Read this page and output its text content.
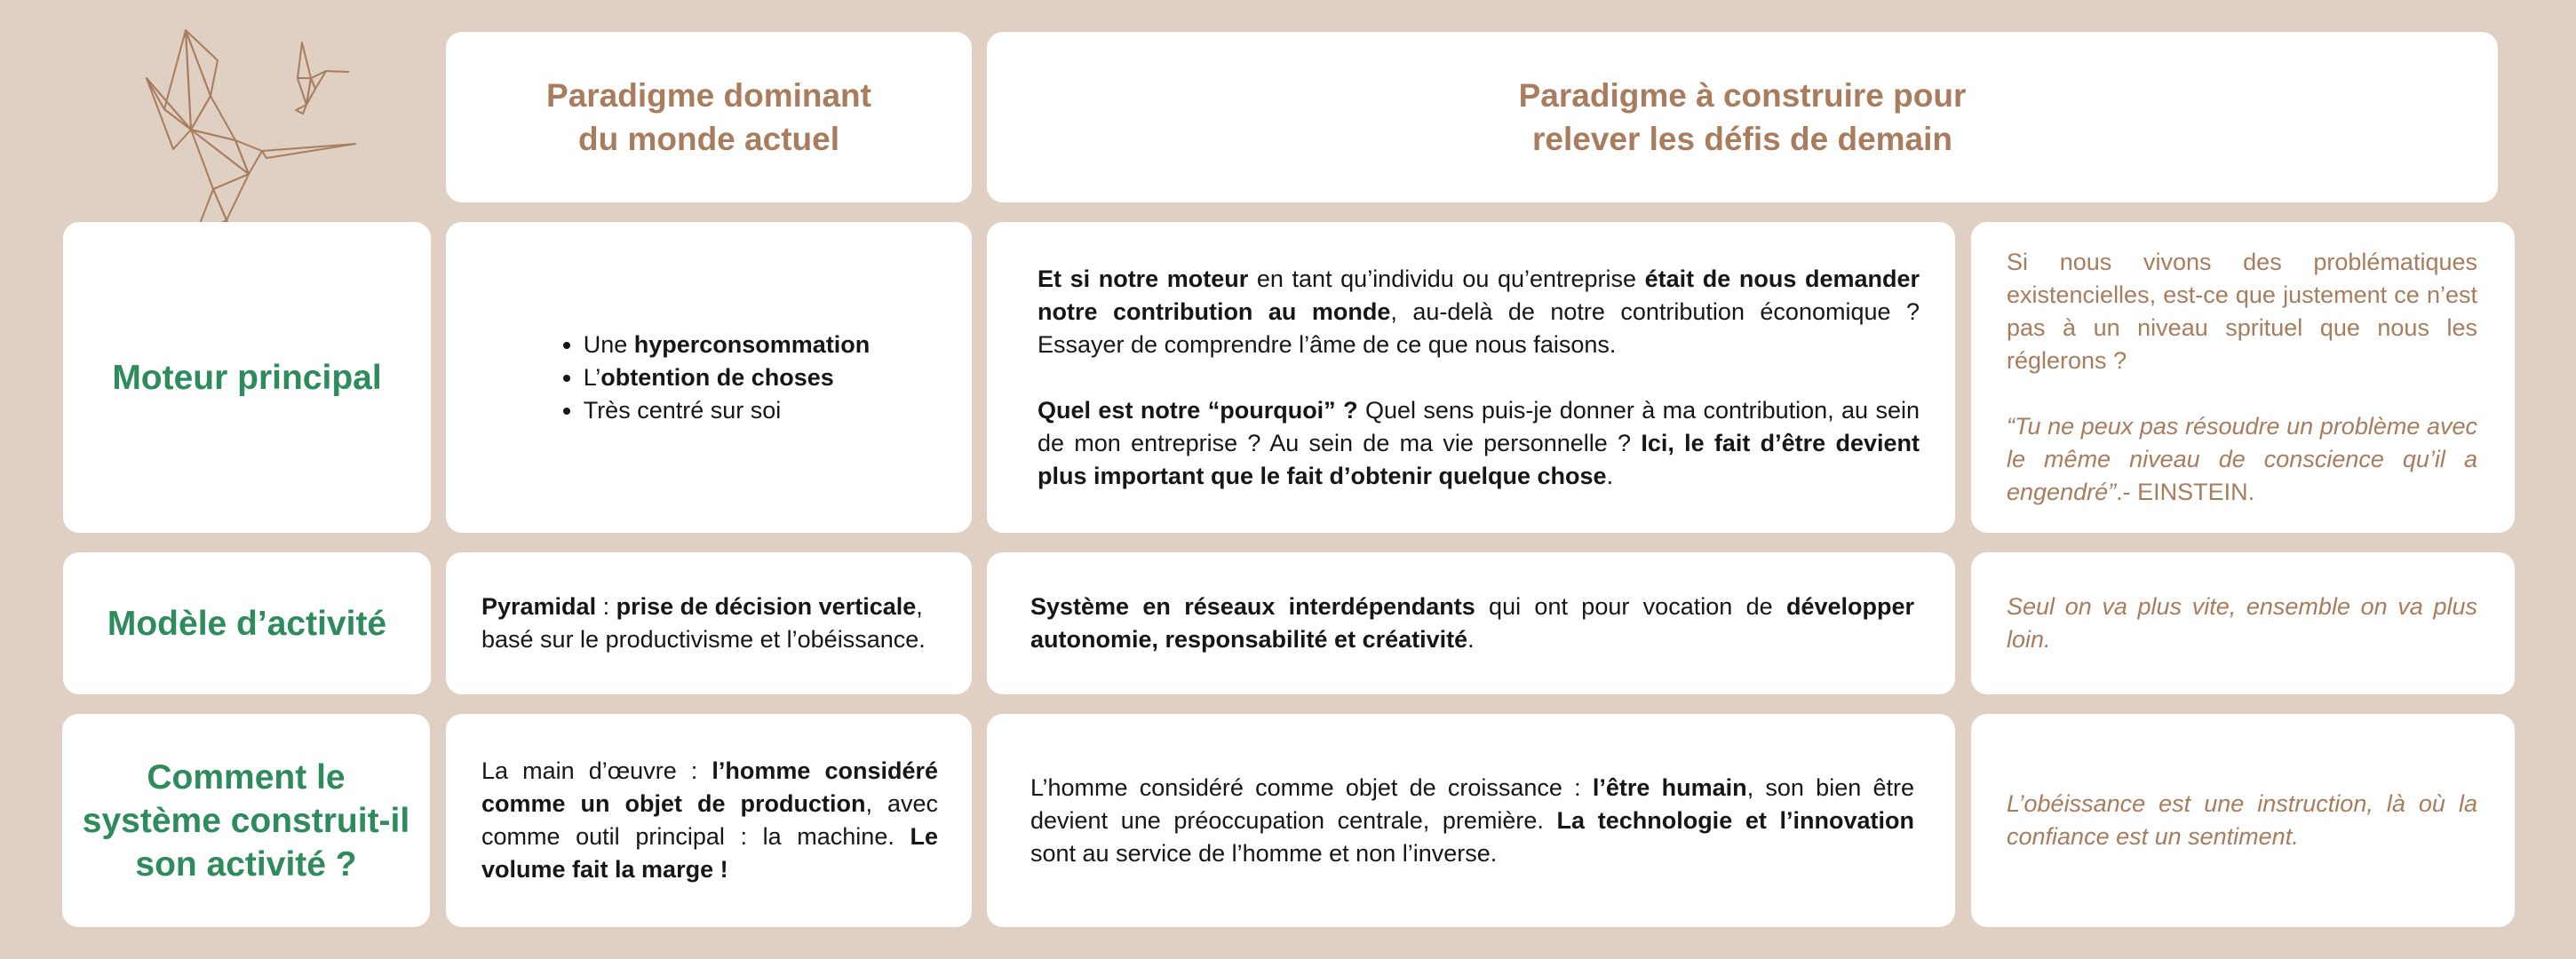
Paradigme dominant
du monde actuel
Paradigme à construire pour
relever les défis de demain
Moteur principal
• Une hyperconsommation
• L’obtention de choses
• Très centré sur soi
Et si notre moteur en tant qu’individu ou qu’entreprise était de nous demander notre contribution au monde, au-delà de notre contribution économique ? Essayer de comprendre l’âme de ce que nous faisons.
Quel est notre “pourquoi” ? Quel sens puis-je donner à ma contribution, au sein de mon entreprise ? Au sein de ma vie personnelle ? Ici, le fait d’être devient plus important que le fait d’obtenir quelque chose.
Si nous vivons des problématiques existencielles, est-ce que justement ce n’est pas à un niveau sprituel que nous les réglerons ?
“Tu ne peux pas résoudre un problème avec le même niveau de conscience qu’il a engendré”.- EINSTEIN.
Modèle d’activité	Pyramidal : prise de décision verticale, basé sur le productivisme et l’obéissance.
Système en réseaux interdépendants qui ont pour vocation de développer autonomie, responsabilité et créativité.
Seul on va plus vite, ensemble on va plus loin.
Comment le système construit-il son activité ?
La main d’œuvre : l’homme considéré comme un objet de production, avec comme outil principal : la machine. Le volume fait la marge !
L’homme considéré comme objet de croissance : l’être humain, son bien être devient une préoccupation centrale, première. La technologie et l’innovation sont au service de l’homme et non l’inverse.
L’obéissance est une instruction, là où la confiance est un sentiment.
